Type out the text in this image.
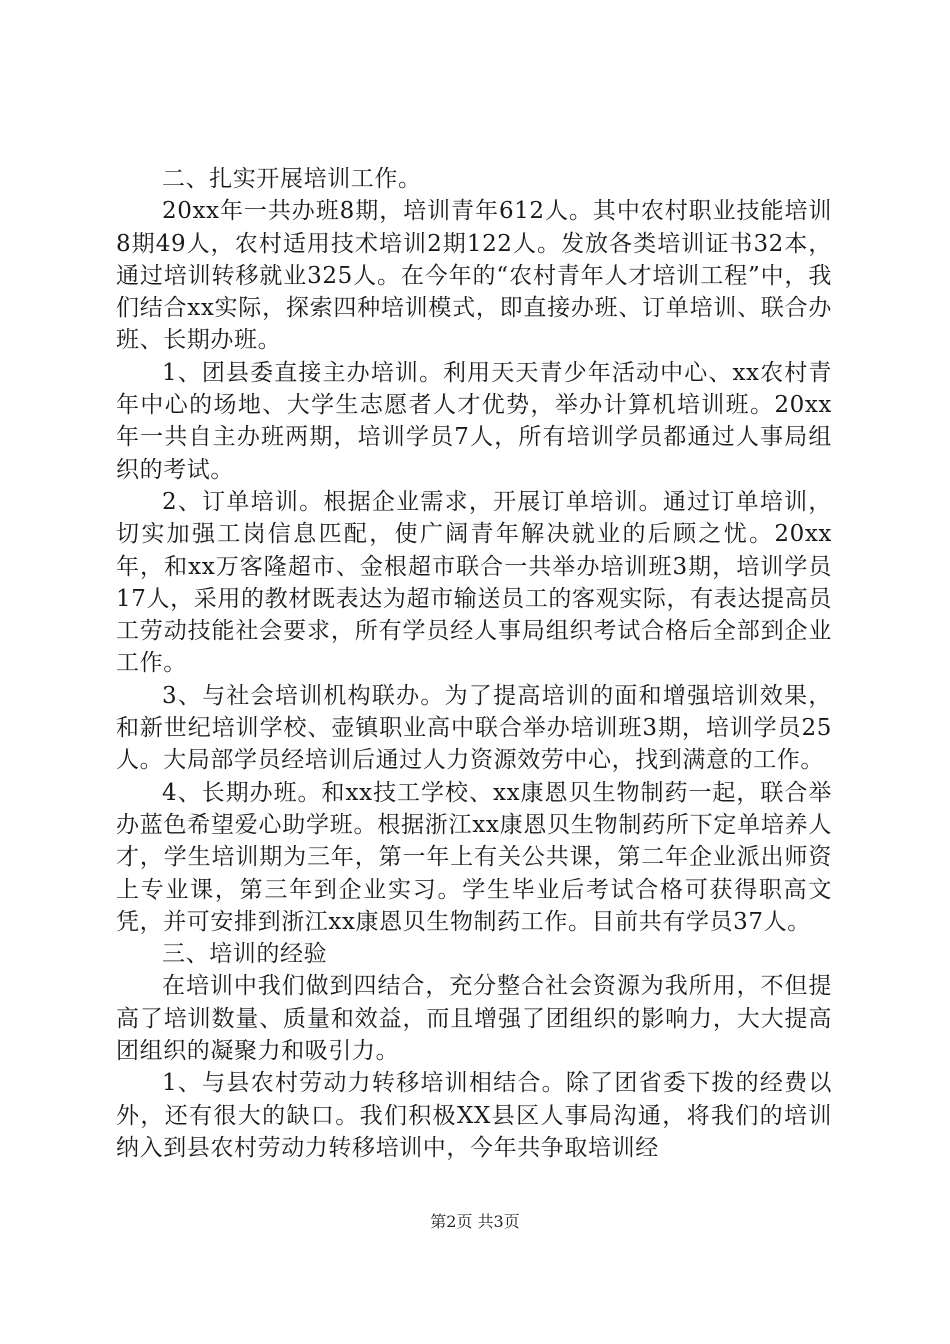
二、扎实开展培训工作。

20xx年一共办班8期，培训青年612人。其中农村职业技能培训8期49人，农村适用技术培训2期122人。发放各类培训证书32本，通过培训转移就业325人。在今年的“农村青年人才培训工程”中，我们结合xx实际，探索四种培训模式，即直接办班、订单培训、联合办班、长期办班。

1、团县委直接主办培训。利用天天青少年活动中心、xx农村青年中心的场地、大学生志愿者人才优势，举办计算机培训班。20xx年一共自主办班两期，培训学员7人，所有培训学员都通过人事局组织的考试。

2、订单培训。根据企业需求，开展订单培训。通过订单培训，切实加强工岗信息匹配，使广阔青年解决就业的后顾之忧。20xx年，和xx万客隆超市、金根超市联合一共举办培训班3期，培训学员17人，采用的教材既表达为超市输送员工的客观实际，有表达提高员工劳动技能社会要求，所有学员经人事局组织考试合格后全部到企业工作。

3、与社会培训机构联办。为了提高培训的面和增强培训效果，和新世纪培训学校、壶镇职业高中联合举办培训班3期，培训学员25人。大局部学员经培训后通过人力资源效劳中心，找到满意的工作。

4、长期办班。和xx技工学校、xx康恩贝生物制药一起，联合举办蓝色希望爱心助学班。根据浙江xx康恩贝生物制药所下定单培养人才，学生培训期为三年，第一年上有关公共课，第二年企业派出师资上专业课，第三年到企业实习。学生毕业后考试合格可获得职高文凭，并可安排到浙江xx康恩贝生物制药工作。目前共有学员37人。

三、培训的经验

在培训中我们做到四结合，充分整合社会资源为我所用，不但提高了培训数量、质量和效益，而且增强了团组织的影响力，大大提高团组织的凝聚力和吸引力。

1、与县农村劳动力转移培训相结合。除了团省委下拨的经费以外，还有很大的缺口。我们积极XX县区人事局沟通，将我们的培训纳入到县农村劳动力转移培训中，今年共争取培训经

第2页 共3页
